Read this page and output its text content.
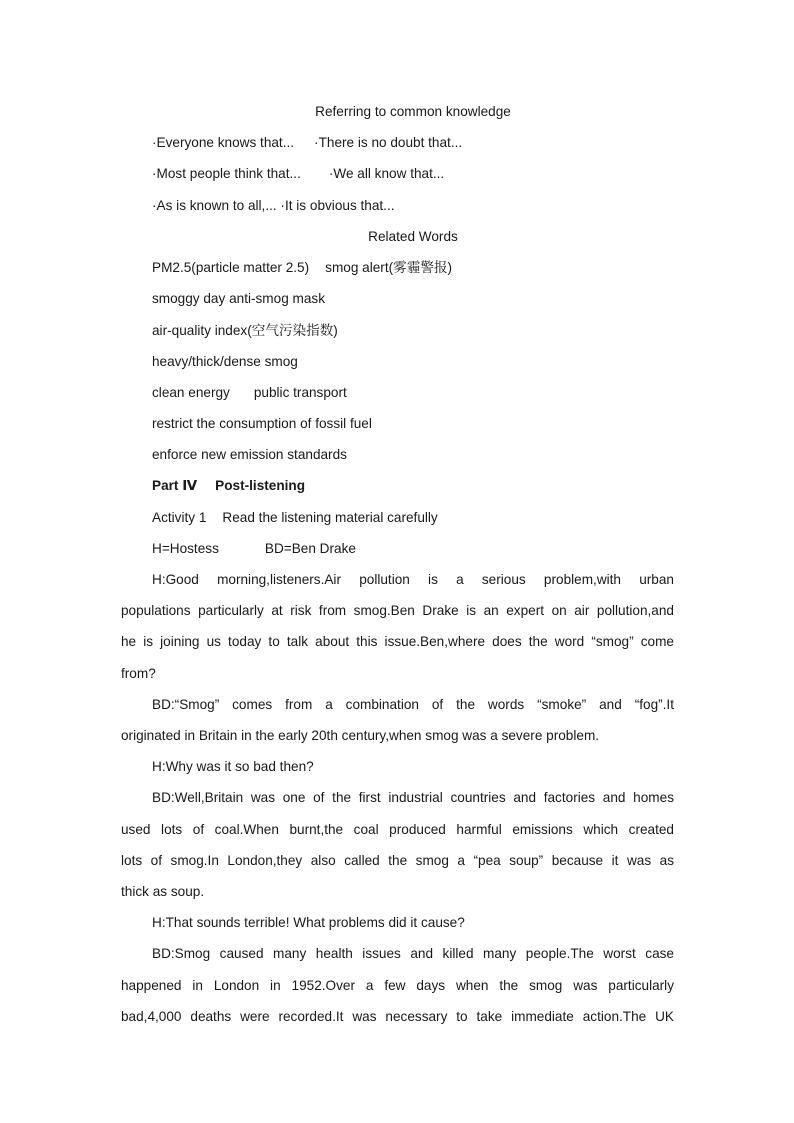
Referring to common knowledge
·Everyone knows that... ·There is no doubt that...
·Most people think that... ·We all know that...
·As is known to all,... ·It is obvious that...
Related Words
PM2.5(particle matter 2.5) smog alert(雾霾警报)
smoggy day anti-smog mask
air-quality index(空气污染指数)
heavy/thick/dense smog
clean energy public transport
restrict the consumption of fossil fuel
enforce new emission standards
Part Ⅳ Post-listening
Activity 1 Read the listening material carefully
H=Hostess	BD=Ben Drake
H:Good morning,listeners.Air pollution is a serious problem,with urban
populations particularly at risk from smog.Ben Drake is an expert on air pollution,and
he is joining us today to talk about this issue.Ben,where does the word “smog” come
from?
BD:“Smog” comes from a combination of the words “smoke” and “fog”.It
originated in Britain in the early 20th century,when smog was a severe problem.
H:Why was it so bad then?
BD:Well,Britain was one of the first industrial countries and factories and homes
used lots of coal.When burnt,the coal produced harmful emissions which created
lots of smog.In London,they also called the smog a “pea soup” because it was as
thick as soup.
H:That sounds terrible! What problems did it cause?
BD:Smog caused many health issues and killed many people.The worst case
happened in London in 1952.Over a few days when the smog was particularly
bad,4,000 deaths were recorded.It was necessary to take immediate action.The UK
